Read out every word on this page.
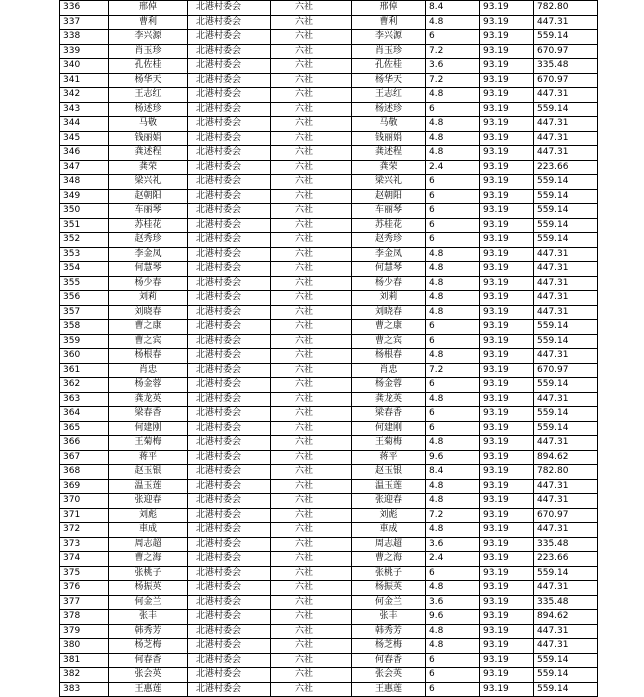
336	邢倬	北港村委会	六社	邢倬	8.4	93.19	782.80
337	曹利	北港村委会	六社	曹利	4.8	93.19	447.31
338	李兴源	北港村委会	六社	李兴源	6	93.19	559.14
339	肖玉珍	北港村委会	六社	肖玉珍	7.2	93.19	670.97
340	孔佐桂	北港村委会	六社	孔佐桂	3.6	93.19	335.48
341	杨华天	北港村委会	六社	杨华天	7.2	93.19	670.97
342	王志红	北港村委会	六社	王志红	4.8	93.19	447.31
343	杨述珍	北港村委会	六社	杨述珍	6	93.19	559.14
344	马敬	北港村委会	六社	马敬	4.8	93.19	447.31
345	钱丽娟	北港村委会	六社	钱丽娟	4.8	93.19	447.31
346	龚述程	北港村委会	六社	龚述程	4.8	93.19	447.31
347	龚荣	北港村委会	六社	龚荣	2.4	93.19	223.66
348	梁兴礼	北港村委会	六社	梁兴礼	6	93.19	559.14
349	赵朝阳	北港村委会	六社	赵朝阳	6	93.19	559.14
350	车丽琴	北港村委会	六社	车丽琴	6	93.19	559.14
351	苏桂花	北港村委会	六社	苏桂花	6	93.19	559.14
352	赵秀珍	北港村委会	六社	赵秀珍	6	93.19	559.14
353	李金凤	北港村委会	六社	李金凤	4.8	93.19	447.31
354	何慧琴	北港村委会	六社	何慧琴	4.8	93.19	447.31
355	杨少春	北港村委会	六社	杨少春	4.8	93.19	447.31
356	刘莉	北港村委会	六社	刘莉	4.8	93.19	447.31
357	刘晓春	北港村委会	六社	刘晓春	4.8	93.19	447.31
358	曹之康	北港村委会	六社	曹之康	6	93.19	559.14
359	曹之宾	北港村委会	六社	曹之宾	6	93.19	559.14
360	杨根春	北港村委会	六社	杨根春	4.8	93.19	447.31
361	肖忠	北港村委会	六社	肖忠	7.2	93.19	670.97
362	杨金蓉	北港村委会	六社	杨金蓉	6	93.19	559.14
363	龚龙英	北港村委会	六社	龚龙英	4.8	93.19	447.31
364	梁春香	北港村委会	六社	梁春香	6	93.19	559.14
365	何建刚	北港村委会	六社	何建刚	6	93.19	559.14
366	王菊梅	北港村委会	六社	王菊梅	4.8	93.19	447.31
367	蒋平	北港村委会	六社	蒋平	9.6	93.19	894.62
368	赵玉银	北港村委会	六社	赵玉银	8.4	93.19	782.80
369	温玉莲	北港村委会	六社	温玉莲	4.8	93.19	447.31
370	张迎春	北港村委会	六社	张迎春	4.8	93.19	447.31
371	刘彪	北港村委会	六社	刘彪	7.2	93.19	670.97
372	車成	北港村委会	六社	車成	4.8	93.19	447.31
373	周志超	北港村委会	六社	周志超	3.6	93.19	335.48
374	曹之海	北港村委会	六社	曹之海	2.4	93.19	223.66
375	张桃子	北港村委会	六社	张桃子	6	93.19	559.14
376	杨振英	北港村委会	六社	杨振英	4.8	93.19	447.31
377	何金兰	北港村委会	六社	何金兰	3.6	93.19	335.48
378	张丰	北港村委会	六社	张丰	9.6	93.19	894.62
379	韩秀芳	北港村委会	六社	韩秀芳	4.8	93.19	447.31
380	杨芝梅	北港村委会	六社	杨芝梅	4.8	93.19	447.31
381	何春香	北港村委会	六社	何春香	6	93.19	559.14
382	张会英	北港村委会	六社	张会英	6	93.19	559.14
383	王惠莲	北港村委会	六社	王惠莲	6	93.19	559.14
